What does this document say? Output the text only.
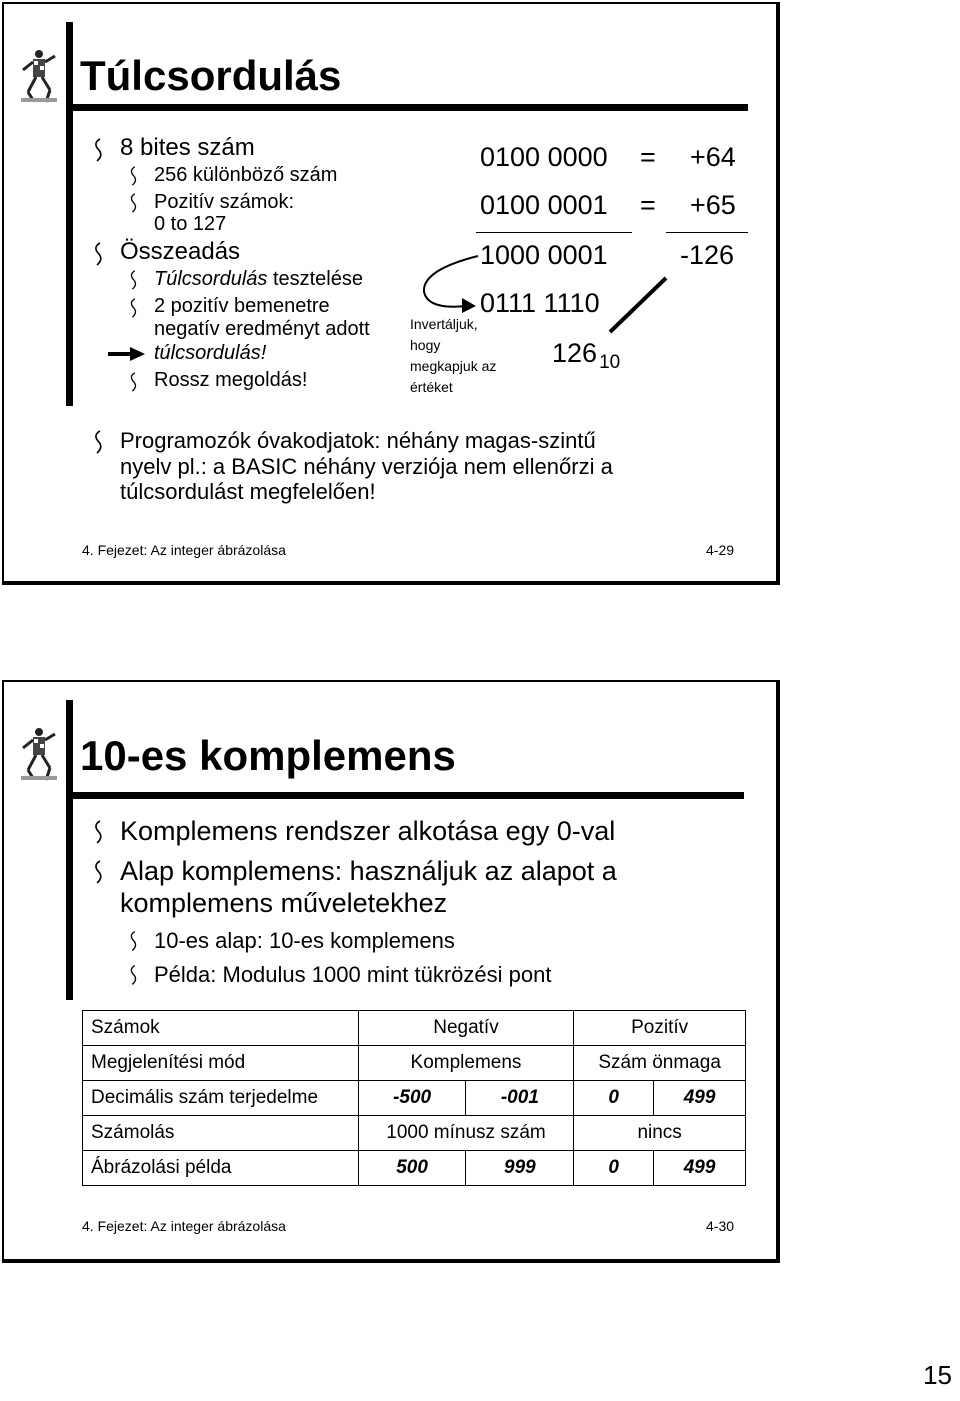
Túlcsordulás
8 bites szám
256 különböző szám
Pozitív számok:
0 to 127
Összeadás
Túlcsordulás tesztelése
2 pozitív bemenetre
negatív eredményt adott
túlcsordulás!
Rossz megoldás!
0100 0000 = +64
0100 0001 = +65
1000 0001	-126
0111 1110
126 $_{10}$
Invertáljuk,
hogy
megkapjuk az
értéket
Programozók óvakodjatok: néhány magas-szintű
nyelv pl.: a BASIC néhány verziója nem ellenőrzi a
túlcsordulást megfelelően!
4. Fejezet: Az integer ábrázolása	4-29
10-es komplemens
Komplemens rendszer alkotása egy 0-val
Alap komplemens: használjuk az alapot a
komplemens műveletekhez
10-es alap: 10-es komplemens
Példa: Modulus 1000 mint tükrözési pont
Számok	Negatív		Pozitív	
Megjelenítési mód	Komplemens		Szám önmaga	
Decimális szám terjedelme	-500	-001	0	499
Számolás	1000 mínusz szám		nincs	
Ábrázolási példa	500	999	0	499
4. Fejezet: Az integer ábrázolása	4-30
15
